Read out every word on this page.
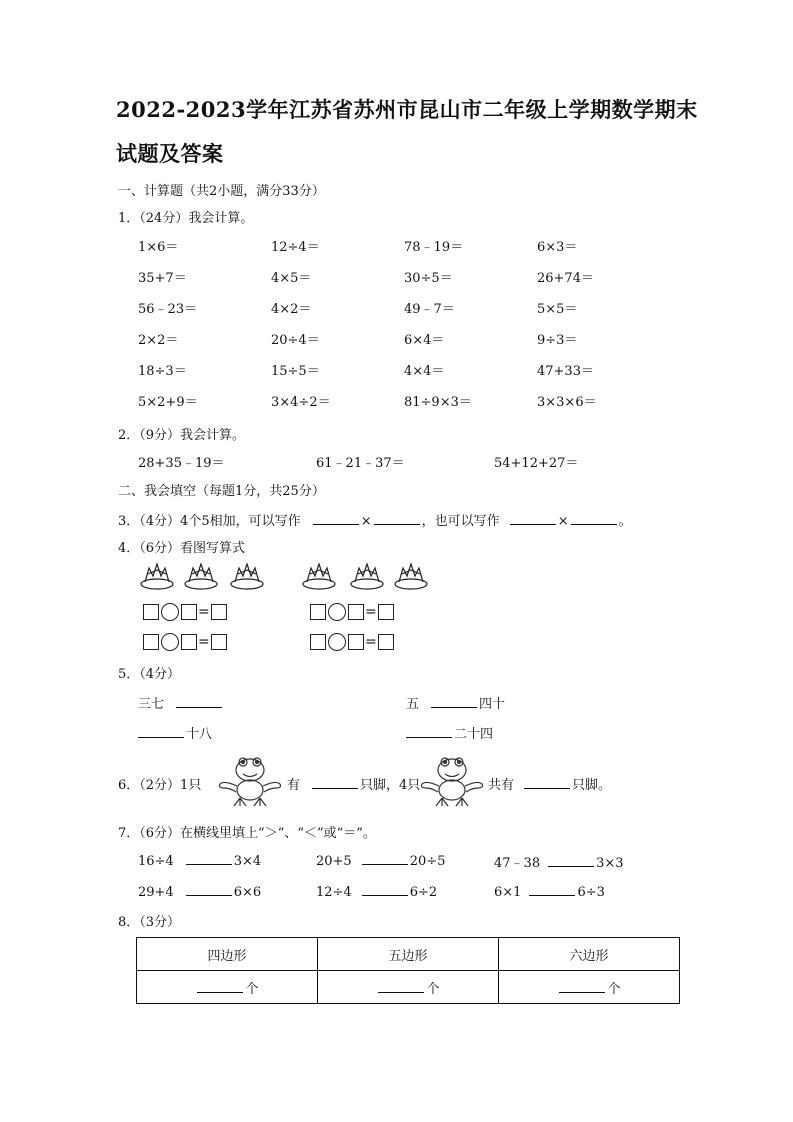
2022-2023学年江苏省苏州市昆山市二年级上学期数学期末
试题及答案
一、计算题（共2小题，满分33分）
1．（24分）我会计算。
1×6＝	12÷4＝	78﹣19＝	6×3＝
35+7＝	4×5＝	30÷5＝	26+74＝
56﹣23＝	4×2＝	49﹣7＝	5×5＝
2×2＝	20÷4＝	6×4＝	9÷3＝
18÷3＝	15÷5＝	4×4＝	47+33＝
5×2+9＝	3×4÷2＝	81÷9×3＝	3×3×6＝
2．（9分）我会计算。
28+35﹣19＝	61﹣21﹣37＝	54+12+27＝
二、我会填空（每题1分，共25分）
3．（4分）4个5相加，可以写作	×	，也可以写作	×	。
4．（6分）看图写算式
=
=
=
=
5．（4分）
三七	五	四十
十八	二十四
6．（2分）1只	有	只脚，4只	共有	只脚。
7．（6分）在横线里填上“＞”、“＜”或“＝”。
16÷4	3×4	20+5	20÷5	47﹣38	3×3
29+4	6×6	12÷4	6÷2	6×1	6÷3
8．（3分）
四边形	五边形	六边形
个	个	个
